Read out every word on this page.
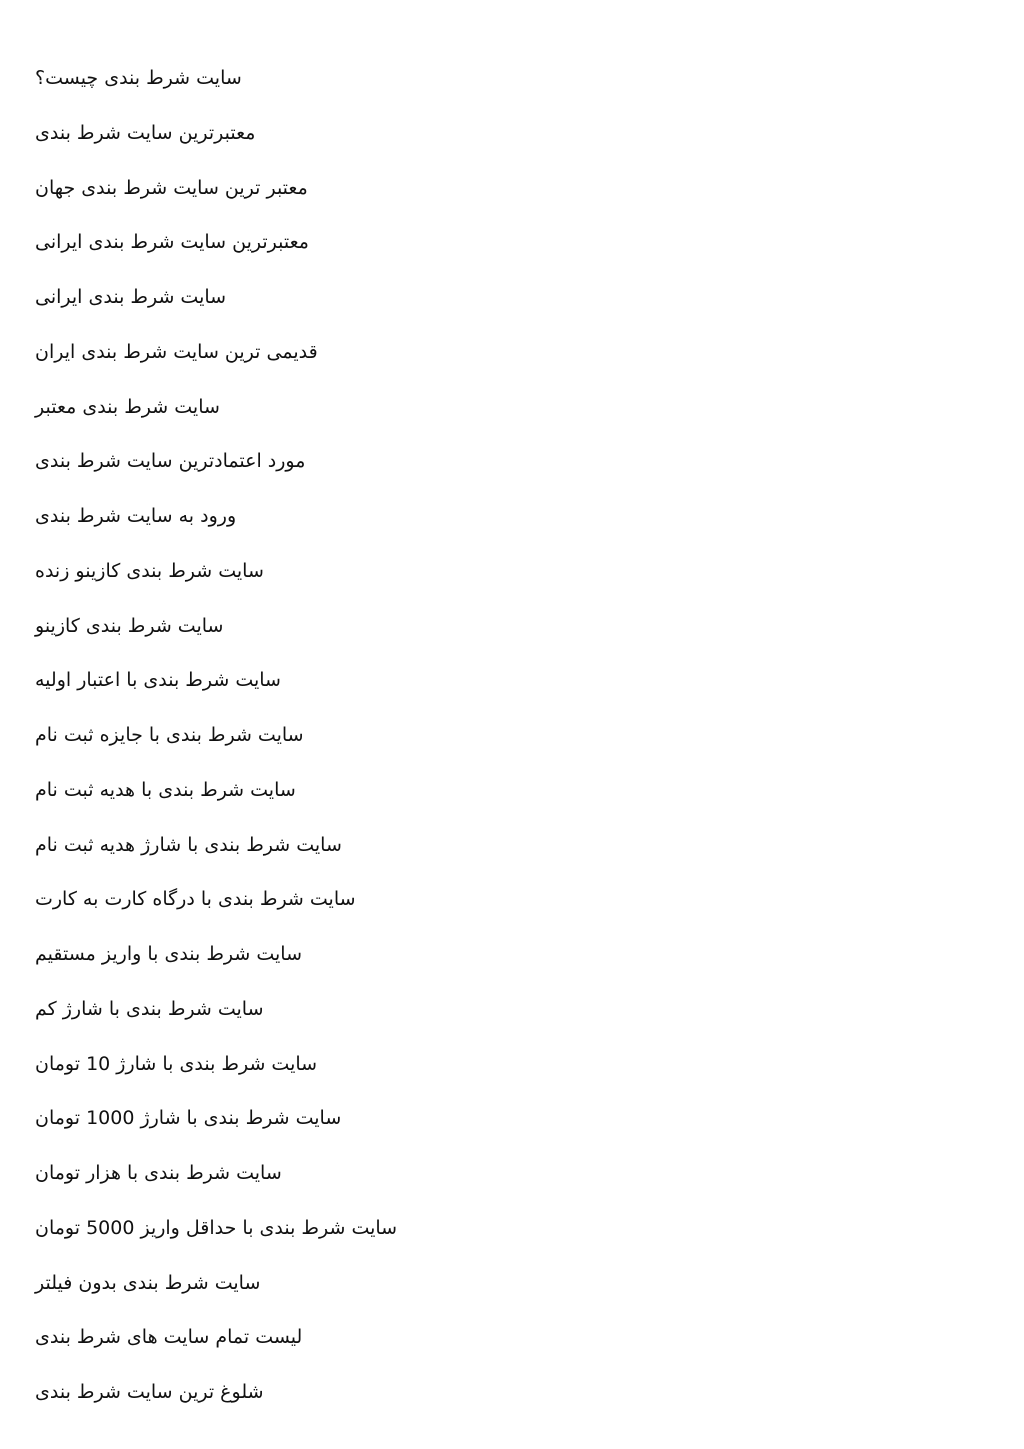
سایت شرط بندی چیست؟
معتبرترین سایت شرط بندی
معتبر ترین سایت شرط بندی جهان
معتبرترین سایت شرط بندی ایرانی
سایت شرط بندی ایرانی
قدیمی ترین سایت شرط بندی ایران
سایت شرط بندی معتبر
مورد اعتمادترین سایت شرط بندی
ورود به سایت شرط بندی
سایت شرط بندی کازینو زنده
سایت شرط بندی کازینو
سایت شرط بندی با اعتبار اولیه
سایت شرط بندی با جایزه ثبت نام
سایت شرط بندی با هدیه ثبت نام
سایت شرط بندی با شارژ هدیه ثبت نام
سایت شرط بندی با درگاه کارت به کارت
سایت شرط بندی با واریز مستقیم
سایت شرط بندی با شارژ کم
سایت شرط بندی با شارژ 10 تومان
سایت شرط بندی با شارژ 1000 تومان
سایت شرط بندی با هزار تومان
سایت شرط بندی با حداقل واریز 5000 تومان
سایت شرط بندی بدون فیلتر
لیست تمام سایت های شرط بندی
شلوغ ترین سایت شرط بندی
